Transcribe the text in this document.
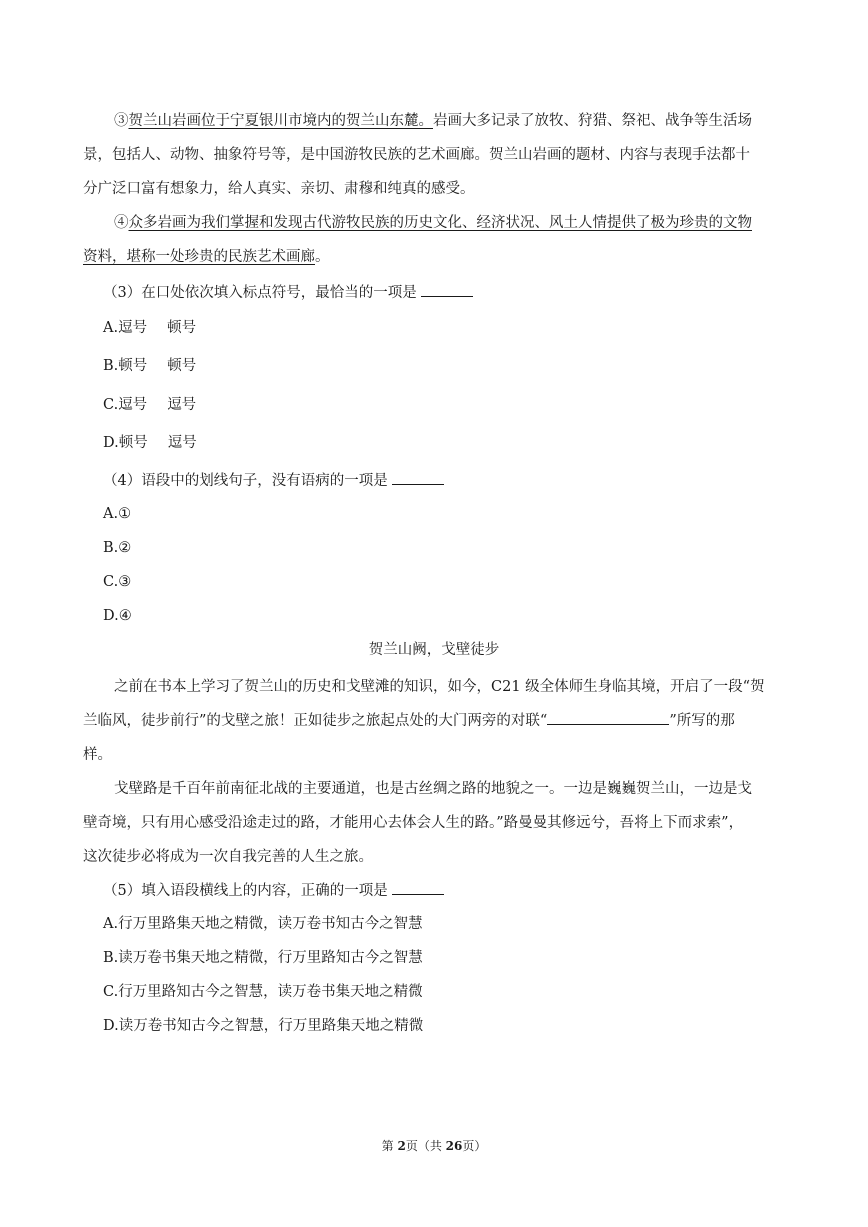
③贺兰山岩画位于宁夏银川市境内的贺兰山东麓。岩画大多记录了放牧、狩猎、祭祀、战争等生活场
景，包括人、动物、抽象符号等，是中国游牧民族的艺术画廊。贺兰山岩画的题材、内容与表现手法都十
分广泛口富有想象力，给人真实、亲切、肃穆和纯真的感受。
④众多岩画为我们掌握和发现古代游牧民族的历史文化、经济状况、风土人情提供了极为珍贵的文物
资料，堪称一处珍贵的民族艺术画廊。
（3）在口处依次填入标点符号，最恰当的一项是
A.逗号 顿号
B.顿号 顿号
C.逗号 逗号
D.顿号 逗号
（4）语段中的划线句子，没有语病的一项是
A.①
B.②
C.③
D.④
贺兰山阙，戈壁徒步
之前在书本上学习了贺兰山的历史和戈壁滩的知识，如今，C21 级全体师生身临其境，开启了一段“贺
兰临风，徒步前行”的戈壁之旅！正如徒步之旅起点处的大门两旁的对联“	”所写的那
样。
戈壁路是千百年前南征北战的主要通道，也是古丝绸之路的地貌之一。一边是巍巍贺兰山，一边是戈
壁奇境，只有用心感受沿途走过的路，才能用心去体会人生的路。”路曼曼其修远兮，吾将上下而求索”，
这次徒步必将成为一次自我完善的人生之旅。
（5）填入语段横线上的内容，正确的一项是
A.行万里路集天地之精微，读万卷书知古今之智慧
B.读万卷书集天地之精微，行万里路知古今之智慧
C.行万里路知古今之智慧，读万卷书集天地之精微
D.读万卷书知古今之智慧，行万里路集天地之精微
第 2页（共 26页）
